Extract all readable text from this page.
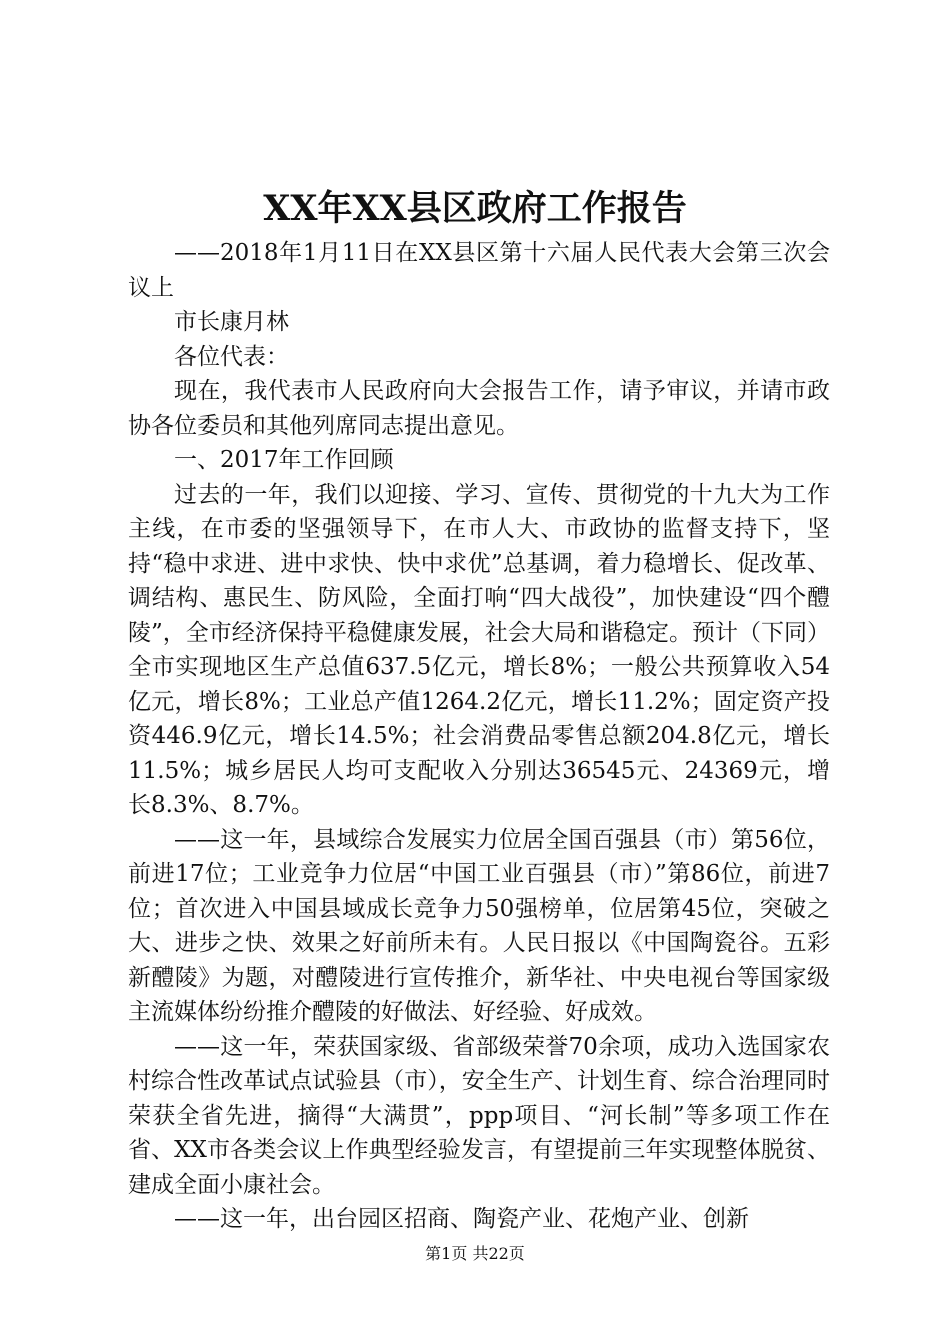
XX年XX县区政府工作报告

——2018年1月11日在XX县区第十六届人民代表大会第三次会议上

市长康月林

各位代表：

现在，我代表市人民政府向大会报告工作，请予审议，并请市政协各位委员和其他列席同志提出意见。

一、2017年工作回顾

过去的一年，我们以迎接、学习、宣传、贯彻党的十九大为工作主线，在市委的坚强领导下，在市人大、市政协的监督支持下，坚持“稳中求进、进中求快、快中求优”总基调，着力稳增长、促改革、调结构、惠民生、防风险，全面打响“四大战役”，加快建设“四个醴陵”，全市经济保持平稳健康发展，社会大局和谐稳定。预计（下同）全市实现地区生产总值637.5亿元，增长8%；一般公共预算收入54亿元，增长8%；工业总产值1264.2亿元，增长11.2%；固定资产投资446.9亿元，增长14.5%；社会消费品零售总额204.8亿元，增长11.5%；城乡居民人均可支配收入分别达36545元、24369元，增长8.3%、8.7%。

——这一年，县域综合发展实力位居全国百强县（市）第56位，前进17位；工业竞争力位居“中国工业百强县（市）”第86位，前进7位；首次进入中国县域成长竞争力50强榜单，位居第45位，突破之大、进步之快、效果之好前所未有。人民日报以《中国陶瓷谷。五彩新醴陵》为题，对醴陵进行宣传推介，新华社、中央电视台等国家级主流媒体纷纷推介醴陵的好做法、好经验、好成效。

——这一年，荣获国家级、省部级荣誉70余项，成功入选国家农村综合性改革试点试验县（市），安全生产、计划生育、综合治理同时荣获全省先进，摘得“大满贯”，ppp项目、“河长制”等多项工作在省、XX市各类会议上作典型经验发言，有望提前三年实现整体脱贫、建成全面小康社会。

——这一年，出台园区招商、陶瓷产业、花炮产业、创新

第1页 共22页
